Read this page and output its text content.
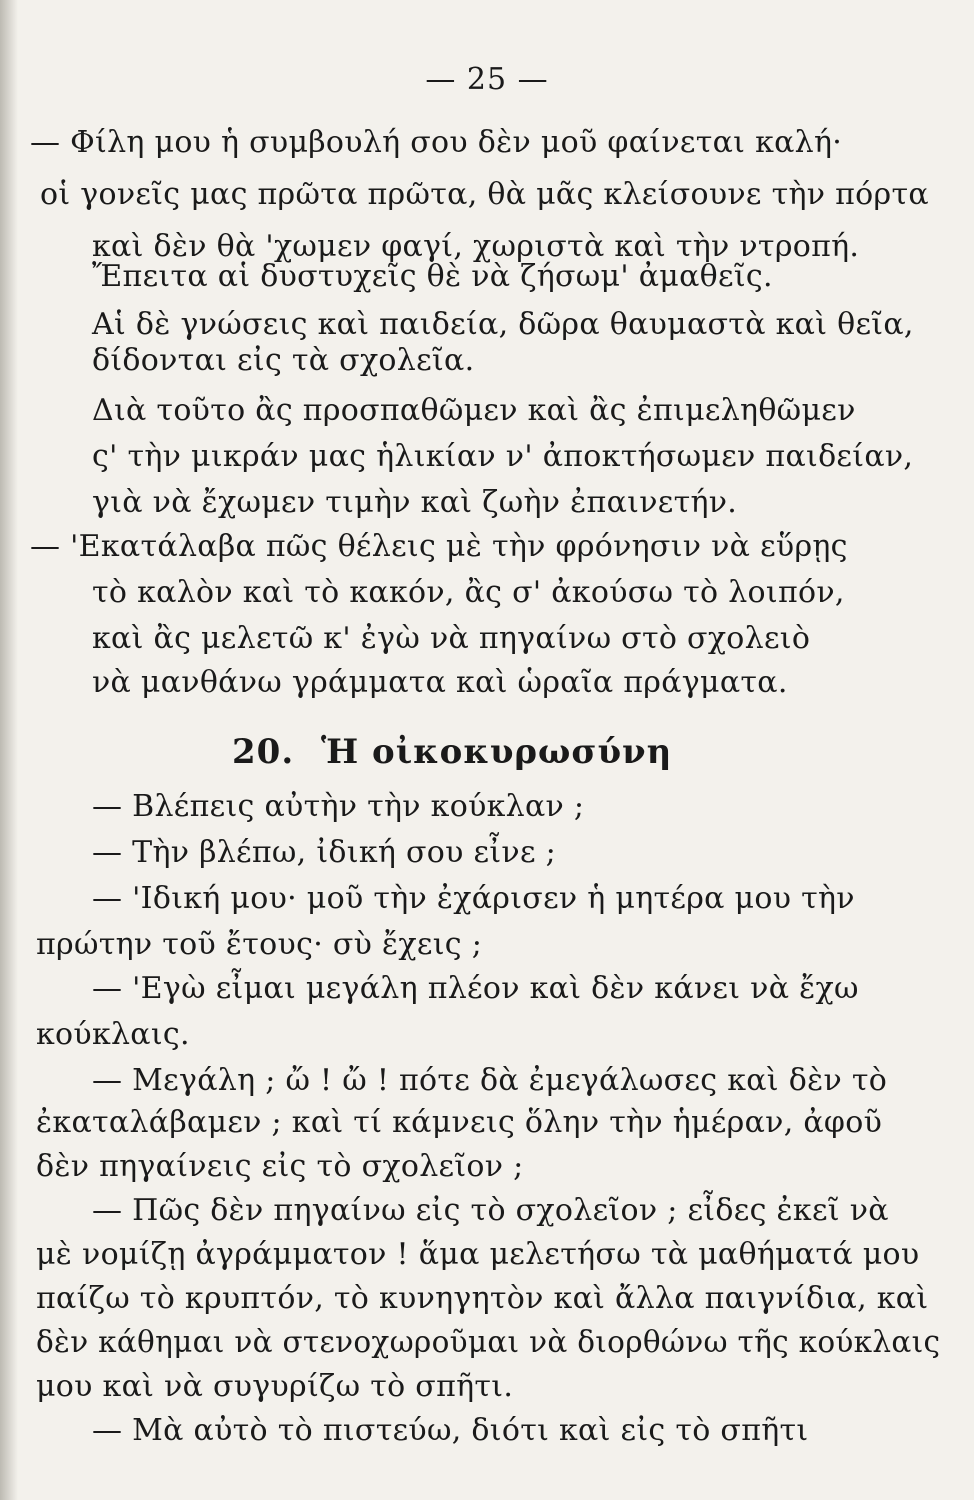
— 25 —
— Φίλη μου ἡ συμβουλή σου δὲν μοῦ φαίνεται καλή·
οἱ γονεῖς μας πρῶτα πρῶτα, θὰ μᾶς κλείσουνε τὴν πόρτα
καὶ δὲν θὰ 'χωμεν φαγί, χωριστὰ καὶ τὴν ντροπή.
Ἔπειτα αἱ δυστυχεῖς θὲ νὰ ζήσωμ' ἀμαθεῖς.
Αἱ δὲ γνώσεις καὶ παιδεία, δῶρα θαυμαστὰ καὶ θεῖα,
δίδονται εἰς τὰ σχολεῖα.
Διὰ τοῦτο ἂς προσπαθῶμεν καὶ ἂς ἐπιμεληθῶμεν
ς' τὴν μικράν μας ἡλικίαν ν' ἀποκτήσωμεν παιδείαν,
γιὰ νὰ ἔχωμεν τιμὴν καὶ ζωὴν ἐπαινετήν.
— 'Εκατάλαβα πῶς θέλεις μὲ τὴν φρόνησιν νὰ εὕρῃς
τὸ καλὸν καὶ τὸ κακόν, ἂς σ' ἀκούσω τὸ λοιπόν,
καὶ ἂς μελετῶ κ' ἐγὼ νὰ πηγαίνω στὸ σχολειὸ
νὰ μανθάνω γράμματα καὶ ὡραῖα πράγματα.
20. Ἡ οἰκοκυρωσύνη
— Βλέπεις αὐτὴν τὴν κούκλαν ;
— Τὴν βλέπω, ἰδική σου εἶνε ;
— 'Ιδική μου· μοῦ τὴν ἐχάρισεν ἡ μητέρα μου τὴν
πρώτην τοῦ ἔτους· σὺ ἔχεις ;
— 'Εγὼ εἶμαι μεγάλη πλέον καὶ δὲν κάνει νὰ ἔχω
κούκλαις.
— Μεγάλη ; ὤ ! ὤ ! πότε δὰ ἐμεγάλωσες καὶ δὲν τὸ
ἐκαταλάβαμεν ; καὶ τί κάμνεις ὅλην τὴν ἡμέραν, ἀφοῦ
δὲν πηγαίνεις εἰς τὸ σχολεῖον ;
— Πῶς δὲν πηγαίνω εἰς τὸ σχολεῖον ; εἶδες ἐκεῖ νὰ
μὲ νομίζῃ ἀγράμματον ! ἅμα μελετήσω τὰ μαθήματά μου
παίζω τὸ κρυπτόν, τὸ κυνηγητὸν καὶ ἄλλα παιγνίδια, καὶ
δὲν κάθημαι νὰ στενοχωροῦμαι νὰ διορθώνω τῆς κούκλαις
μου καὶ νὰ συγυρίζω τὸ σπῆτι.
— Μὰ αὐτὸ τὸ πιστεύω, διότι καὶ εἰς τὸ σπῆτι
